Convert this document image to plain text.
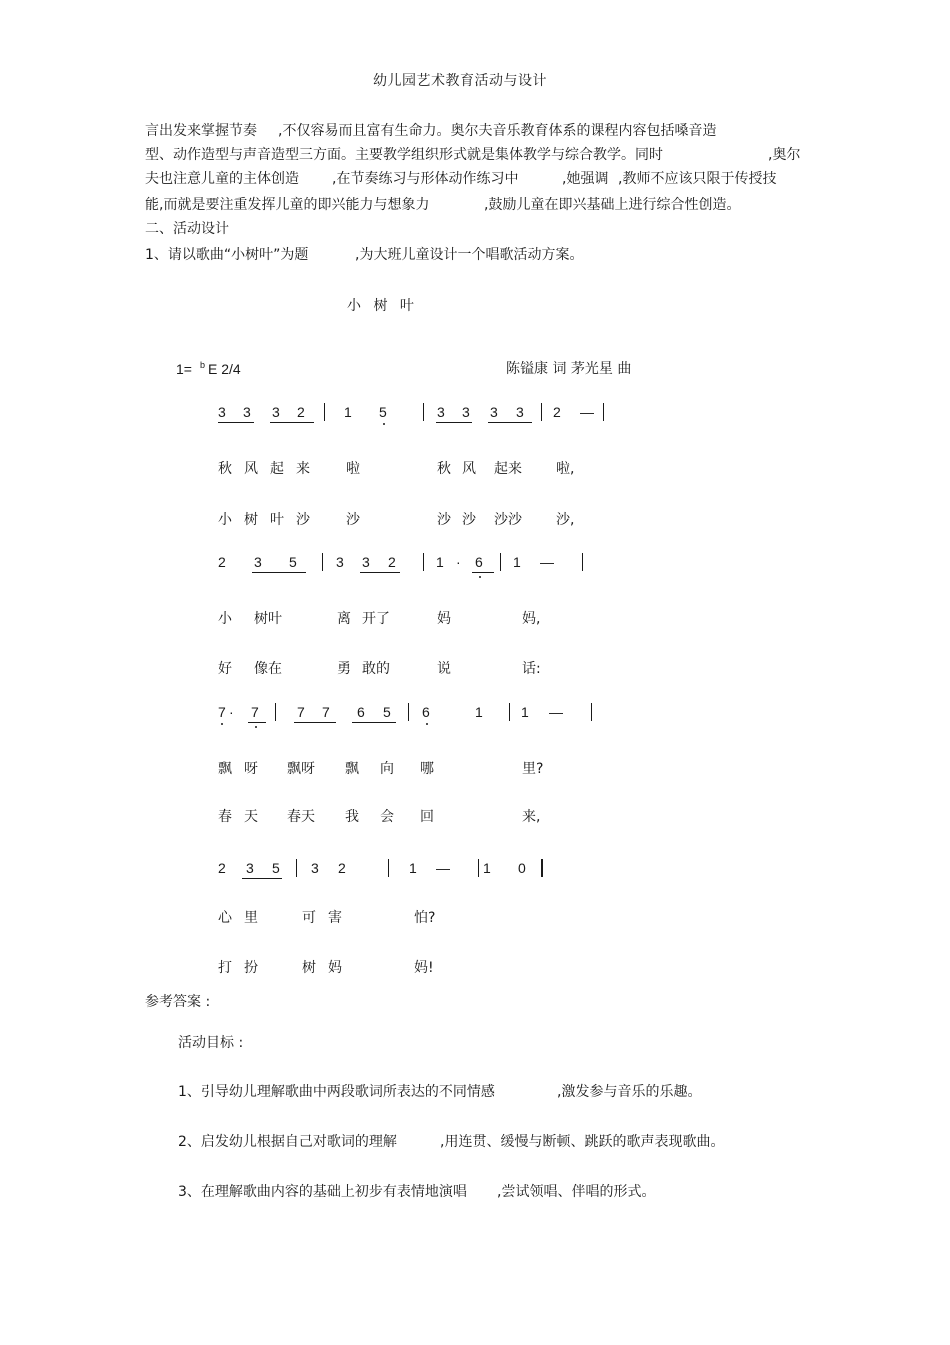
幼儿园艺术教育活动与设计
言出发来掌握节奏 ,不仅容易而且富有生命力。奥尔夫音乐教育体系的课程内容包括嗓音造
型、动作造型与声音造型三方面。主要教学组织形式就是集体教学与综合教学。同时	,奥尔
夫也注意儿童的主体创造 ,在节奏练习与形体动作练习中	,她强调 ,教师不应该只限于传授技
能,而就是要注重发挥儿童的即兴能力与想象力	,鼓励儿童在即兴基础上进行综合性创造。
二、活动设计
1、请以歌曲“小树叶”为题	,为大班儿童设计一个唱歌活动方案。
小 树 叶
1= $^b$ E 2/4	陈镒康 词 茅光星 曲
3 3 3 2	1 5	3 3 3 3 2 —
秋 风 起 来	啦	秋 风 起来 啦,
小 树 叶 沙	沙	沙 沙 沙沙 沙,
2 3 5	3 3 2	1 · 6 1 —
小 树叶	离 开了	妈	妈,
好 像在	勇 敢的	说	话:
7 · 7	7 7 6 5 6	1	1 —
飘 呀 飘呀 飘 向 哪	里?
春 天 春天 我 会 回	来,
2 3 5 3 2	1 — 1 0
心 里	可 害	怕?
打 扮	树 妈	妈!
参考答案 :
活动目标 :
1、引导幼儿理解歌曲中两段歌词所表达的不同情感	,激发参与音乐的乐趣。
2、启发幼儿根据自己对歌词的理解	,用连贯、缓慢与断顿、跳跃的歌声表现歌曲。
3、在理解歌曲内容的基础上初步有表情地演唱 ,尝试领唱、伴唱的形式。
